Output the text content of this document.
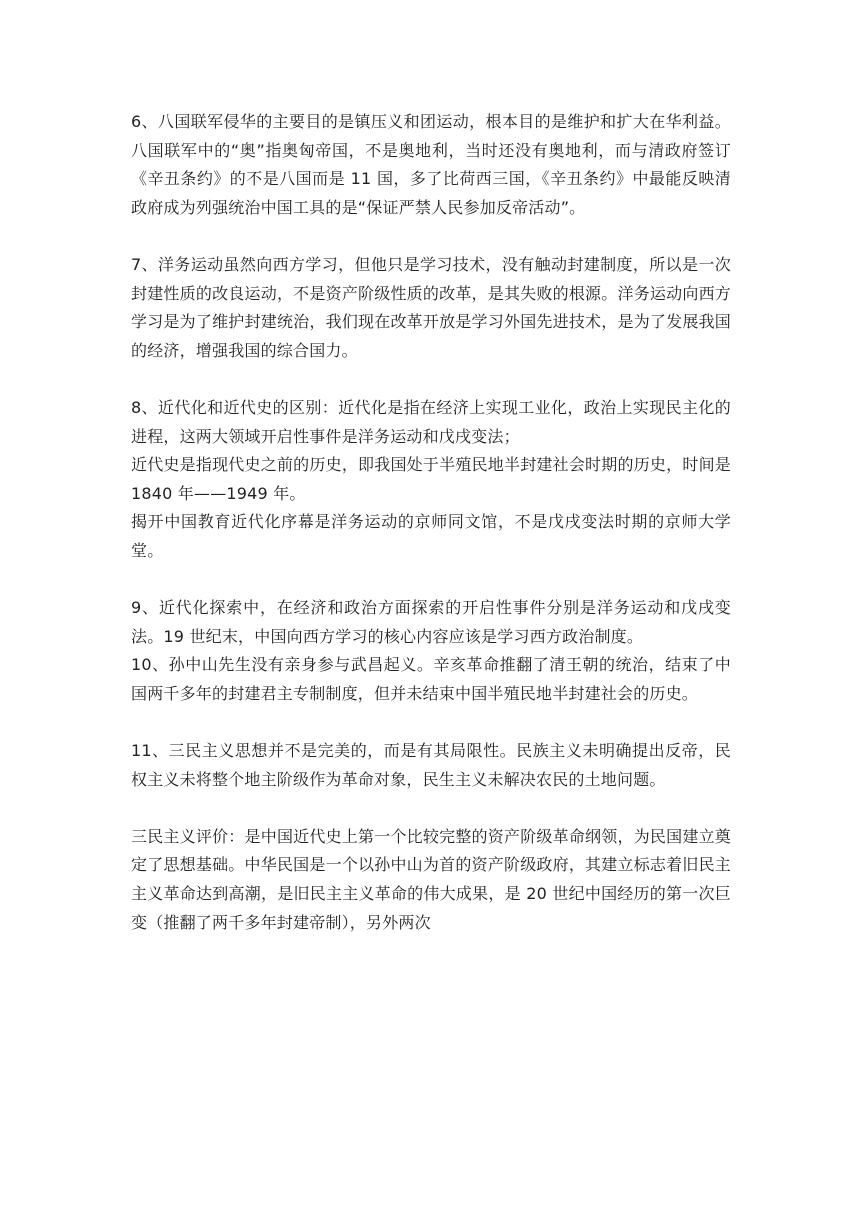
6、八国联军侵华的主要目的是镇压义和团运动，根本目的是维护和扩大在华利益。八国联军中的“奥”指奥匈帝国，不是奥地利，当时还没有奥地利，而与清政府签订《辛丑条约》的不是八国而是 11 国，多了比荷西三国，《辛丑条约》中最能反映清政府成为列强统治中国工具的是“保证严禁人民参加反帝活动”。

7、洋务运动虽然向西方学习，但他只是学习技术，没有触动封建制度，所以是一次封建性质的改良运动，不是资产阶级性质的改革，是其失败的根源。洋务运动向西方学习是为了维护封建统治，我们现在改革开放是学习外国先进技术，是为了发展我国的经济，增强我国的综合国力。

8、近代化和近代史的区别：近代化是指在经济上实现工业化，政治上实现民主化的进程，这两大领域开启性事件是洋务运动和戊戌变法；

近代史是指现代史之前的历史，即我国处于半殖民地半封建社会时期的历史，时间是 1840 年——1949 年。

揭开中国教育近代化序幕是洋务运动的京师同文馆，不是戊戌变法时期的京师大学堂。

9、近代化探索中，在经济和政治方面探索的开启性事件分别是洋务运动和戊戌变法。19 世纪末，中国向西方学习的核心内容应该是学习西方政治制度。

10、孙中山先生没有亲身参与武昌起义。辛亥革命推翻了清王朝的统治，结束了中国两千多年的封建君主专制制度，但并未结束中国半殖民地半封建社会的历史。

11、三民主义思想并不是完美的，而是有其局限性。民族主义未明确提出反帝，民权主义未将整个地主阶级作为革命对象，民生主义未解决农民的土地问题。

三民主义评价：是中国近代史上第一个比较完整的资产阶级革命纲领，为民国建立奠定了思想基础。中华民国是一个以孙中山为首的资产阶级政府，其建立标志着旧民主主义革命达到高潮，是旧民主主义革命的伟大成果，是 20 世纪中国经历的第一次巨变（推翻了两千多年封建帝制），另外两次
